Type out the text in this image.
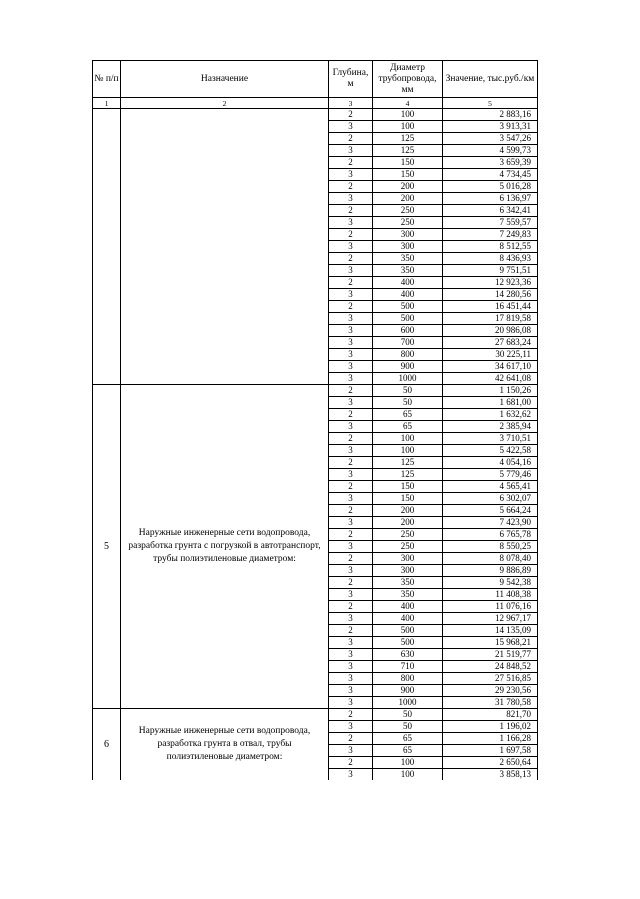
№ п/п	Назначение	Глубина, м	Диаметр трубопровода, мм	Значение, тыс.руб./км
1	2	3	4	5
		2	100	2 883,16
		3	100	3 913,31
		2	125	3 547,26
		3	125	4 599,73
		2	150	3 659,39
		3	150	4 734,45
		2	200	5 016,28
		3	200	6 136,97
		2	250	6 342,41
		3	250	7 559,57
		2	300	7 249,83
		3	300	8 512,55
		2	350	8 436,93
		3	350	9 751,51
		2	400	12 923,36
		3	400	14 280,56
		2	500	16 451,44
		3	500	17 819,58
		3	600	20 986,08
		3	700	27 683,24
		3	800	30 225,11
		3	900	34 617,10
		3	1000	42 641,08
5	Наружные инженерные сети водопровода, разработка грунта с погрузкой в автотранспорт, трубы полиэтиленовые диаметром:	2	50	1 150,26
		3	50	1 681,00
		2	65	1 632,62
		3	65	2 385,94
		2	100	3 710,51
		3	100	5 422,58
		2	125	4 054,16
		3	125	5 779,46
		2	150	4 565,41
		3	150	6 302,07
		2	200	5 664,24
		3	200	7 423,90
		2	250	6 765,78
		3	250	8 550,25
		2	300	8 078,40
		3	300	9 886,89
		2	350	9 542,38
		3	350	11 408,38
		2	400	11 076,16
		3	400	12 967,17
		2	500	14 135,09
		3	500	15 968,21
		3	630	21 519,77
		3	710	24 848,52
		3	800	27 516,85
		3	900	29 230,56
		3	1000	31 780,58
6	Наружные инженерные сети водопровода, разработка грунта в отвал, трубы полиэтиленовые диаметром:	2	50	821,70
		3	50	1 196,02
		2	65	1 166,28
		3	65	1 697,58
		2	100	2 650,64
		3	100	3 858,13
